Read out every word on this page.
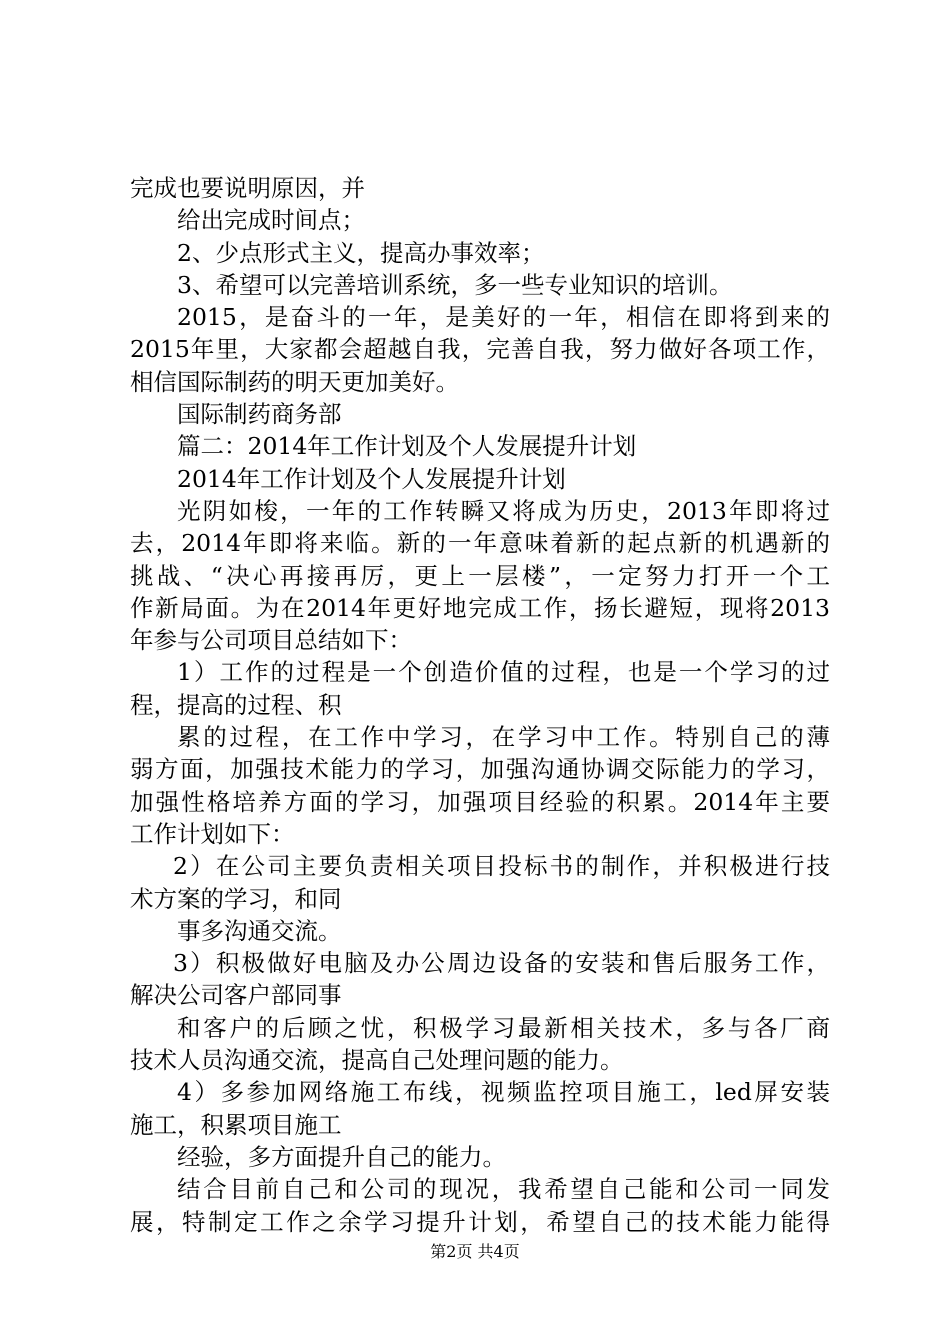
完成也要说明原因，并
给出完成时间点；
2、少点形式主义，提高办事效率；
3、希望可以完善培训系统，多一些专业知识的培训。
2015，是奋斗的一年，是美好的一年，相信在即将到来的
2015年里，大家都会超越自我，完善自我，努力做好各项工作，
相信国际制药的明天更加美好。
国际制药商务部
篇二：2014年工作计划及个人发展提升计划
2014年工作计划及个人发展提升计划
光阴如梭，一年的工作转瞬又将成为历史，2013年即将过
去，2014年即将来临。新的一年意味着新的起点新的机遇新的
挑战、“决心再接再厉，更上一层楼”，一定努力打开一个工
作新局面。为在2014年更好地完成工作，扬长避短，现将2013
年参与公司项目总结如下：
1）工作的过程是一个创造价值的过程，也是一个学习的过
程，提高的过程、积
累的过程，在工作中学习，在学习中工作。特别自己的薄
弱方面，加强技术能力的学习，加强沟通协调交际能力的学习，
加强性格培养方面的学习，加强项目经验的积累。2014年主要
工作计划如下：
2）在公司主要负责相关项目投标书的制作，并积极进行技
术方案的学习，和同
事多沟通交流。
3）积极做好电脑及办公周边设备的安装和售后服务工作，
解决公司客户部同事
和客户的后顾之忧，积极学习最新相关技术，多与各厂商
技术人员沟通交流，提高自己处理问题的能力。
4）多参加网络施工布线，视频监控项目施工，led屏安装
施工，积累项目施工
经验，多方面提升自己的能力。
结合目前自己和公司的现况，我希望自己能和公司一同发
展，特制定工作之余学习提升计划，希望自己的技术能力能得
第2页 共4页
